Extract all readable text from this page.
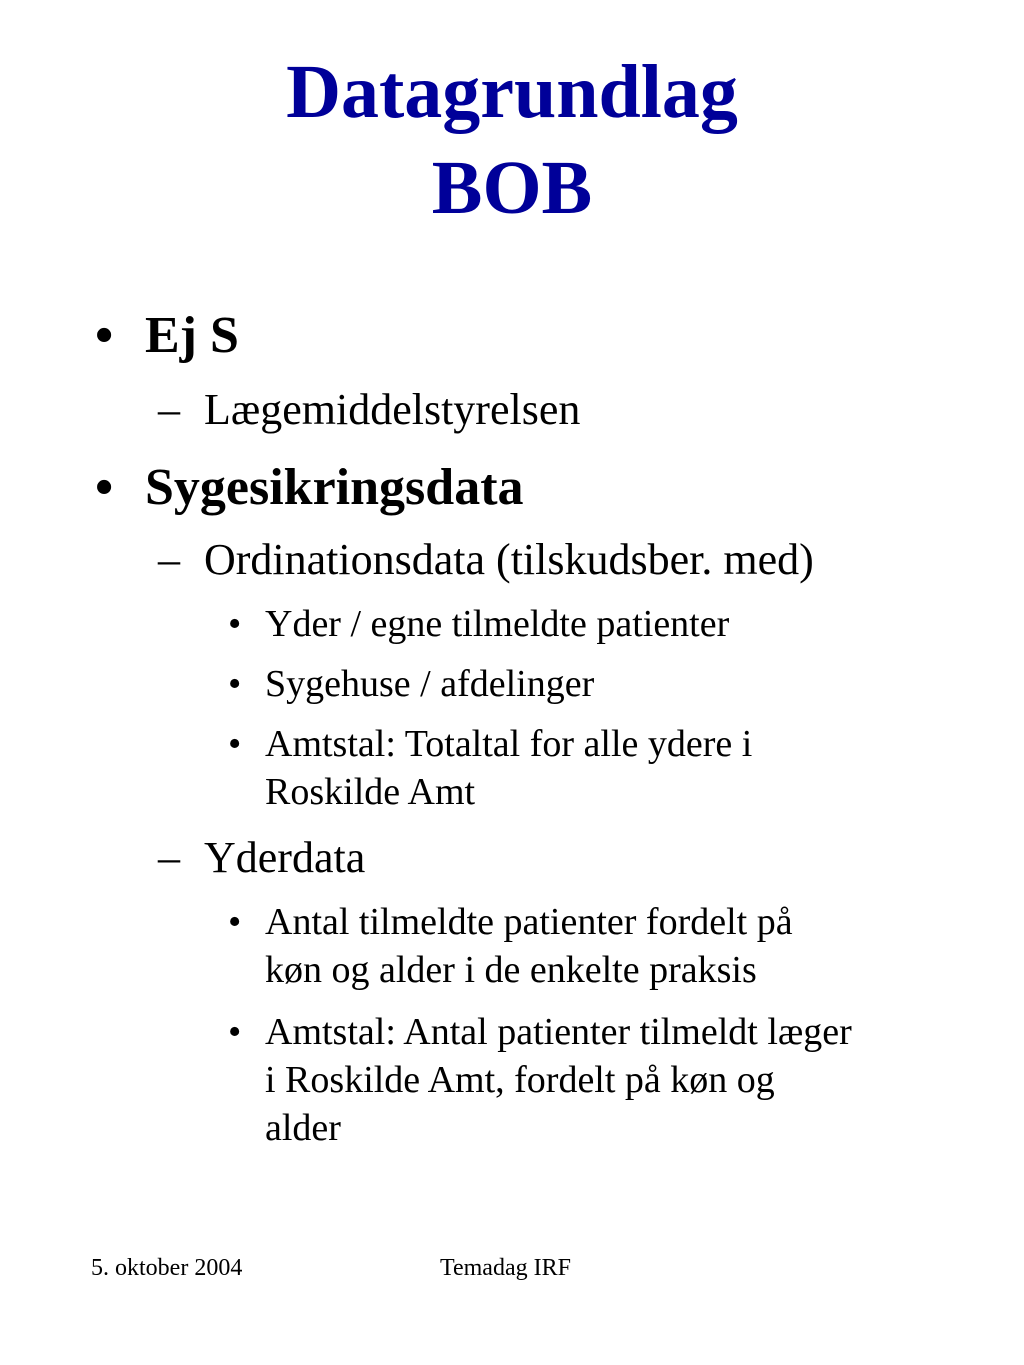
Datagrundlag
BOB
• Ej S
– Lægemiddelstyrelsen
• Sygesikringsdata
– Ordinationsdata (tilskudsber. med)
• Yder / egne tilmeldte patienter
• Sygehuse / afdelinger
• Amtstal: Totaltal for alle ydere i
Roskilde Amt
– Yderdata
• Antal tilmeldte patienter fordelt på
køn og alder i de enkelte praksis
• Amtstal: Antal patienter tilmeldt læger
i Roskilde Amt, fordelt på køn og
alder
5. oktober 2004	Temadag IRF
